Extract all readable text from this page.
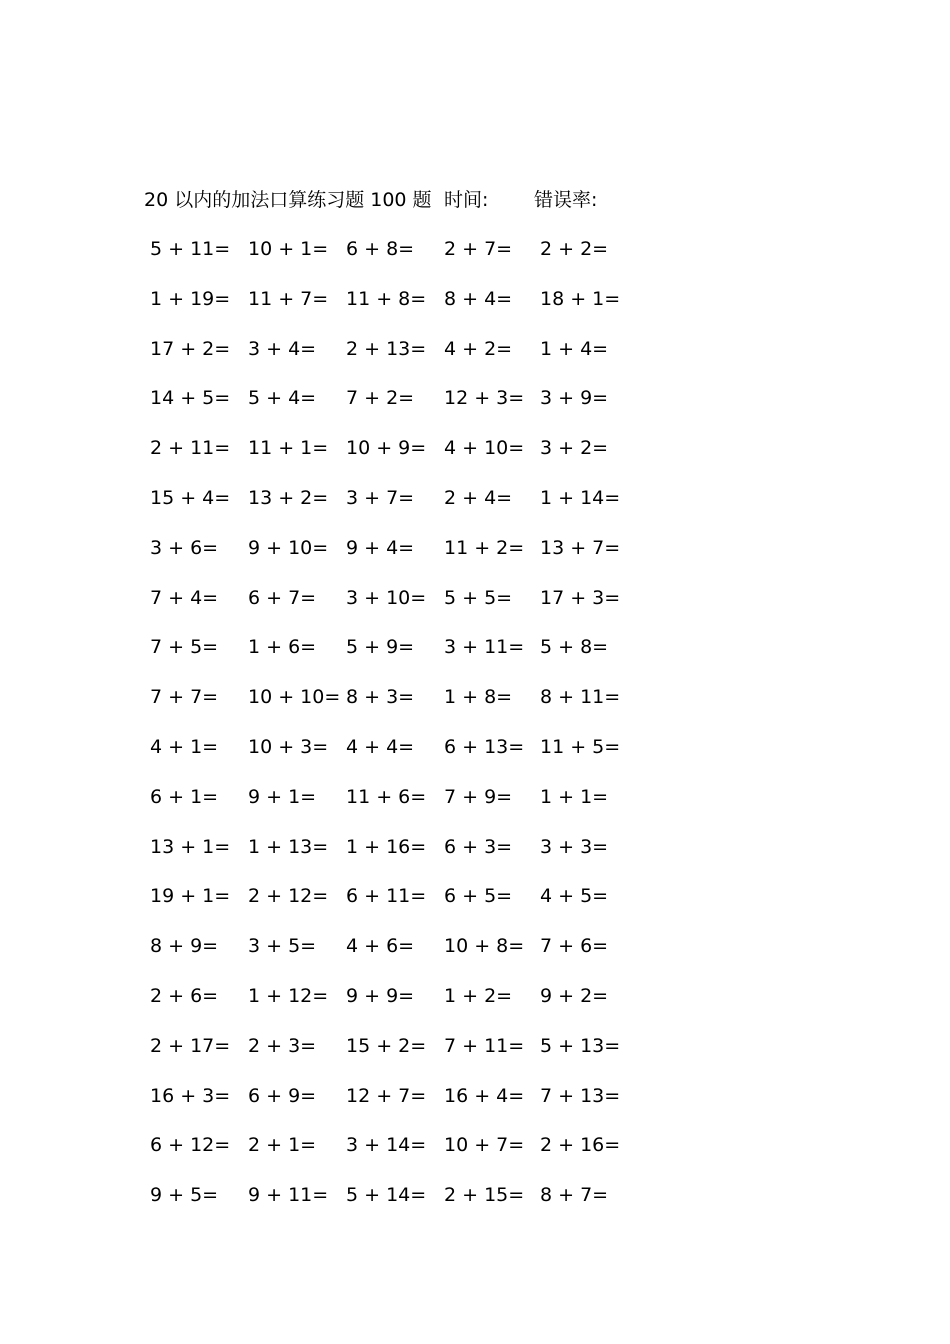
20 以内的加法口算练习题 100 题 时间: 错误率:
5 + 11= 10 + 1= 6 + 8= 2 + 7= 2 + 2=
1 + 19= 11 + 7= 11 + 8= 8 + 4= 18 + 1=
17 + 2= 3 + 4= 2 + 13= 4 + 2= 1 + 4=
14 + 5= 5 + 4= 7 + 2= 12 + 3= 3 + 9=
2 + 11= 11 + 1= 10 + 9= 4 + 10= 3 + 2=
15 + 4= 13 + 2= 3 + 7= 2 + 4= 1 + 14=
3 + 6= 9 + 10= 9 + 4= 11 + 2= 13 + 7=
7 + 4= 6 + 7= 3 + 10= 5 + 5= 17 + 3=
7 + 5= 1 + 6= 5 + 9= 3 + 11= 5 + 8=
7 + 7= 10 + 10= 8 + 3= 1 + 8= 8 + 11=
4 + 1= 10 + 3= 4 + 4= 6 + 13= 11 + 5=
6 + 1= 9 + 1= 11 + 6= 7 + 9= 1 + 1=
13 + 1= 1 + 13= 1 + 16= 6 + 3= 3 + 3=
19 + 1= 2 + 12= 6 + 11= 6 + 5= 4 + 5=
8 + 9= 3 + 5= 4 + 6= 10 + 8= 7 + 6=
2 + 6= 1 + 12= 9 + 9= 1 + 2= 9 + 2=
2 + 17= 2 + 3= 15 + 2= 7 + 11= 5 + 13=
16 + 3= 6 + 9= 12 + 7= 16 + 4= 7 + 13=
6 + 12= 2 + 1= 3 + 14= 10 + 7= 2 + 16=
9 + 5= 9 + 11= 5 + 14= 2 + 15= 8 + 7=
